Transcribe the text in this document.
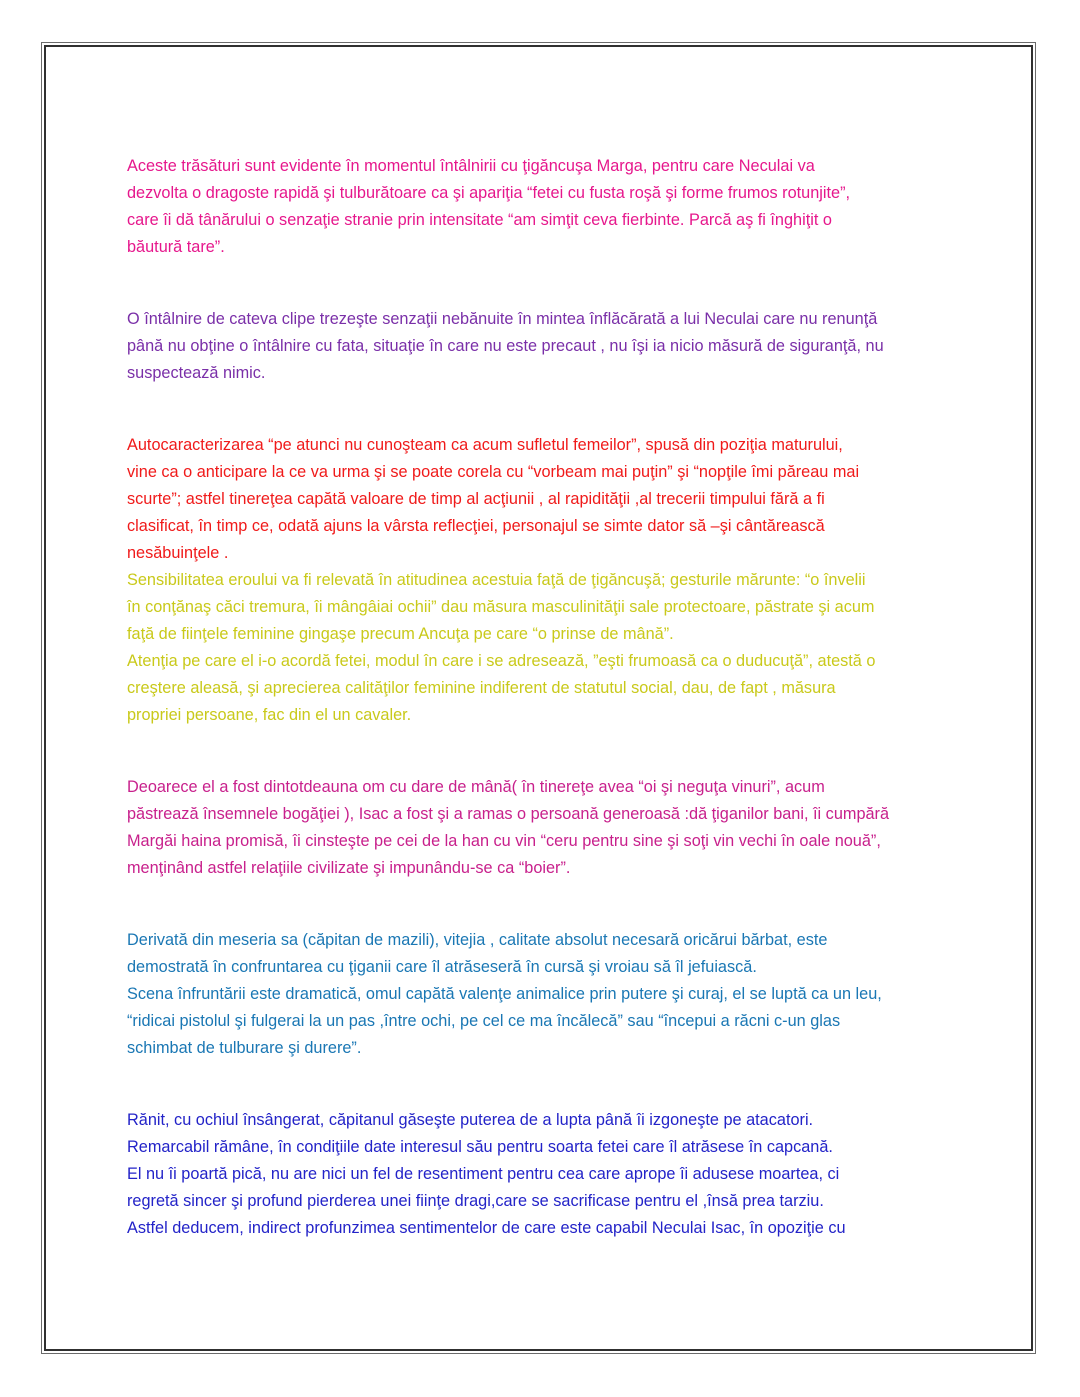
Aceste trăsături sunt evidente în momentul întâlnirii cu ţigăncuşa Marga, pentru care Neculai va
dezvolta o dragoste rapidă şi tulburătoare ca şi apariţia “fetei cu fusta roşă şi forme frumos rotunjite”,
care îi dă tânărului o senzaţie stranie prin intensitate “am simţit ceva fierbinte. Parcă aş fi înghiţit o
băutură tare”.

O întâlnire de cateva clipe trezeşte senzaţii nebănuite în mintea înflăcărată a lui Neculai care nu renunţă
până nu obţine o întâlnire cu fata, situaţie în care nu este precaut , nu îşi ia nicio măsură de siguranţă, nu
suspectează nimic.

Autocaracterizarea “pe atunci nu cunoşteam ca acum sufletul femeilor”, spusă din poziţia maturului,
vine ca o anticipare la ce va urma şi se poate corela cu “vorbeam mai puţin” şi “nopţile îmi păreau mai
scurte”; astfel tinereţea capătă valoare de timp al acţiunii , al rapidităţii ,al trecerii timpului fără a fi
clasificat, în timp ce, odată ajuns la vârsta reflecţiei, personajul se simte dator să –şi cântărească
nesăbuinţele .

Sensibilitatea eroului va fi relevată în atitudinea acestuia faţă de ţigăncuşă; gesturile mărunte: “o învelii
în conţănaş căci tremura, îi mângâiai ochii” dau măsura masculinităţii sale protectoare, păstrate şi acum
faţă de fiinţele feminine gingaşe precum Ancuţa pe care “o prinse de mână”.
Atenţia pe care el i-o acordă fetei, modul în care i se adresează, ”eşti frumoasă ca o duducuţă”, atestă o
creştere aleasă, şi aprecierea calităţilor feminine indiferent de statutul social, dau, de fapt , măsura
propriei persoane, fac din el un cavaler.

Deoarece el a fost dintotdeauna om cu dare de mână( în tinereţe avea “oi şi neguţa vinuri”, acum
păstrează însemnele bogăţiei ), Isac a fost şi a ramas o persoană generoasă :dă ţiganilor bani, îi cumpără
Margăi haina promisă, îi cinsteşte pe cei de la han cu vin “ceru pentru sine şi soţi vin vechi în oale nouă”,
menţinând astfel relaţiile civilizate şi impunându-se ca “boier”.

Derivată din meseria sa (căpitan de mazili), vitejia , calitate absolut necesară oricărui bărbat, este
demostrată în confruntarea cu ţiganii care îl atrăseseră în cursă şi vroiau să îl jefuiască.
Scena înfruntării este dramatică, omul capătă valenţe animalice prin putere şi curaj, el se luptă ca un leu,
“ridicai pistolul şi fulgerai la un pas ,între ochi, pe cel ce ma încălecă” sau “începui a răcni c-un glas
schimbat de tulburare şi durere”.

Rănit, cu ochiul însângerat, căpitanul găseşte puterea de a lupta până îi izgoneşte pe atacatori.
Remarcabil rămâne, în condiţiile date interesul său pentru soarta fetei care îl atrăsese în capcană.
El nu îi poartă pică, nu are nici un fel de resentiment pentru cea care aprope îi adusese moartea, ci
regretă sincer şi profund pierderea unei fiinţe dragi,care se sacrificase pentru el ,însă prea tarziu.
Astfel deducem, indirect profunzimea sentimentelor de care este capabil Neculai Isac, în opoziţie cu
